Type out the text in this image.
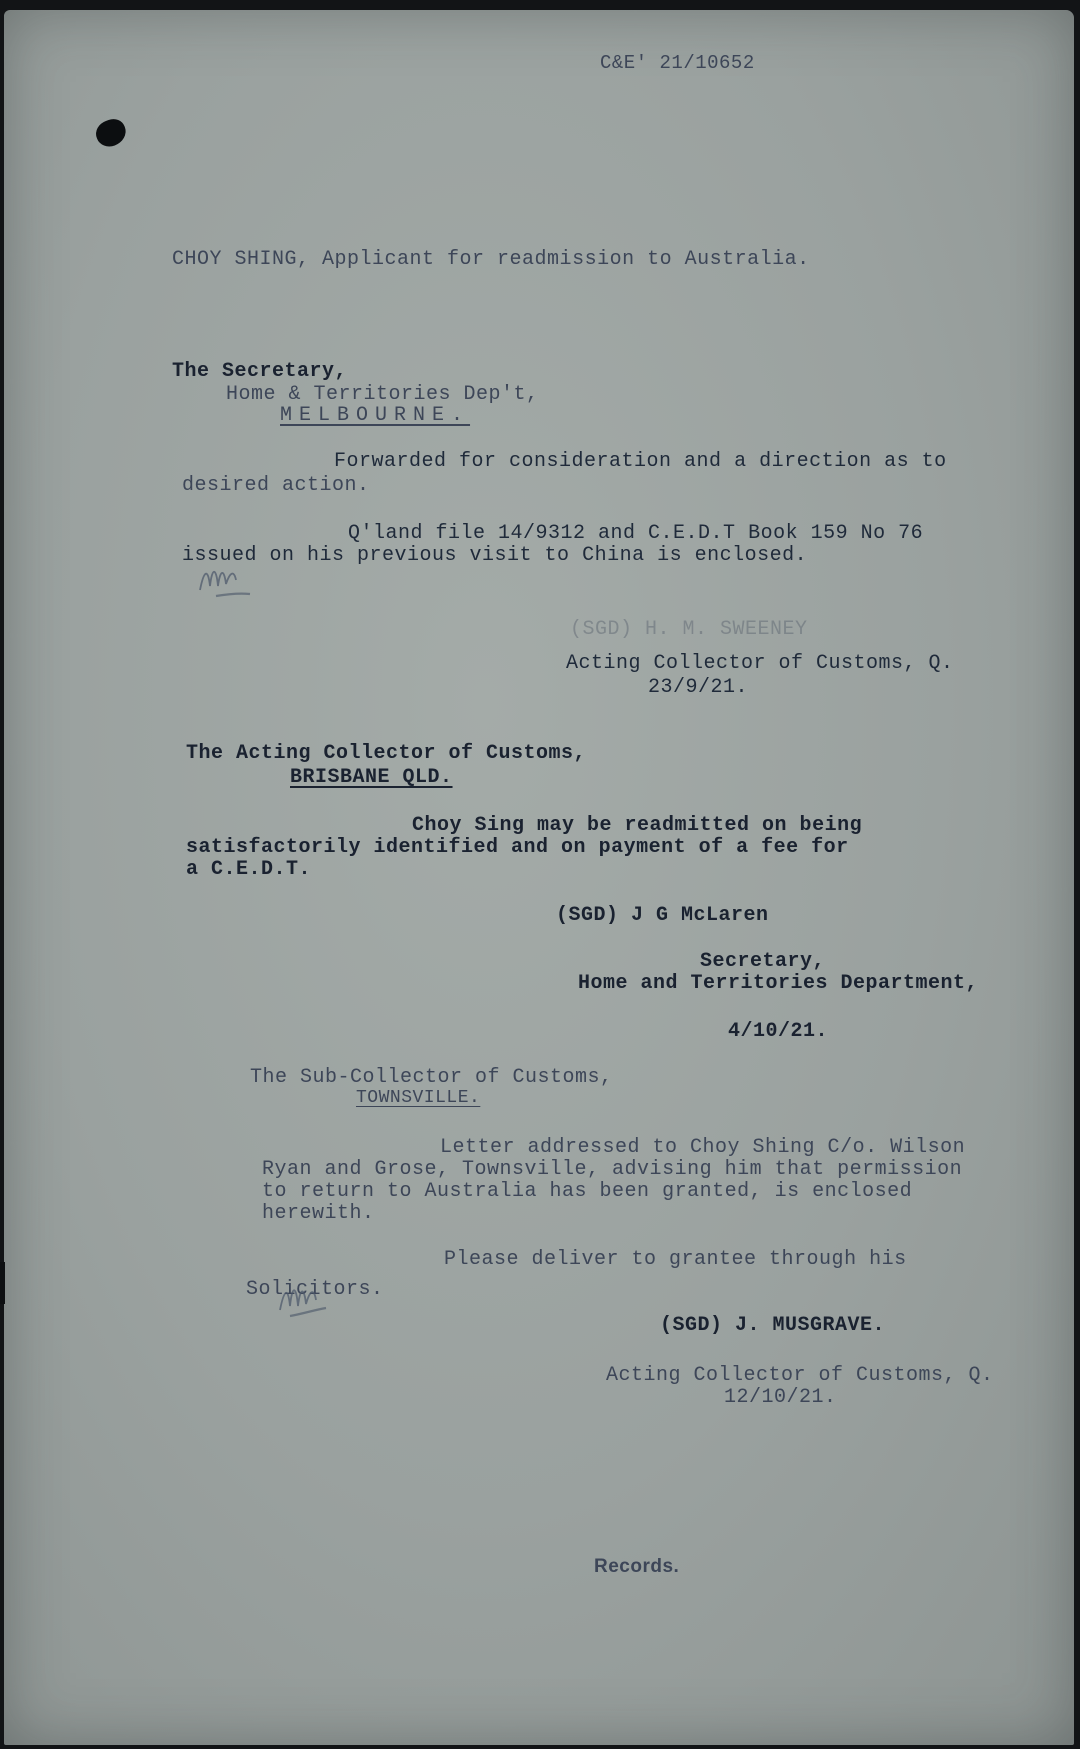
C&E' 21/10652
CHOY SHING, Applicant for readmission to Australia.
The Secretary,
Home & Territories Dep't,
MELBOURNE.
Forwarded for consideration and a direction as to
desired action.
Q'land file 14/9312 and C.E.D.T Book 159 No 76
issued on his previous visit to China is enclosed.
(SGD) H. M. SWEENEY
Acting Collector of Customs, Q.
23/9/21.
The Acting Collector of Customs,
BRISBANE QLD.
Choy Sing may be readmitted on being
satisfactorily identified and on payment of a fee for
a C.E.D.T.
(SGD) J G McLaren
Secretary,
Home and Territories Department,
4/10/21.
The Sub-Collector of Customs,
TOWNSVILLE.
Letter addressed to Choy Shing C/o. Wilson
Ryan and Grose, Townsville, advising him that permission
to return to Australia has been granted, is enclosed
herewith.
Please deliver to grantee through his
Solicitors.
(SGD) J. MUSGRAVE.
Acting Collector of Customs, Q.
12/10/21.
Records.
